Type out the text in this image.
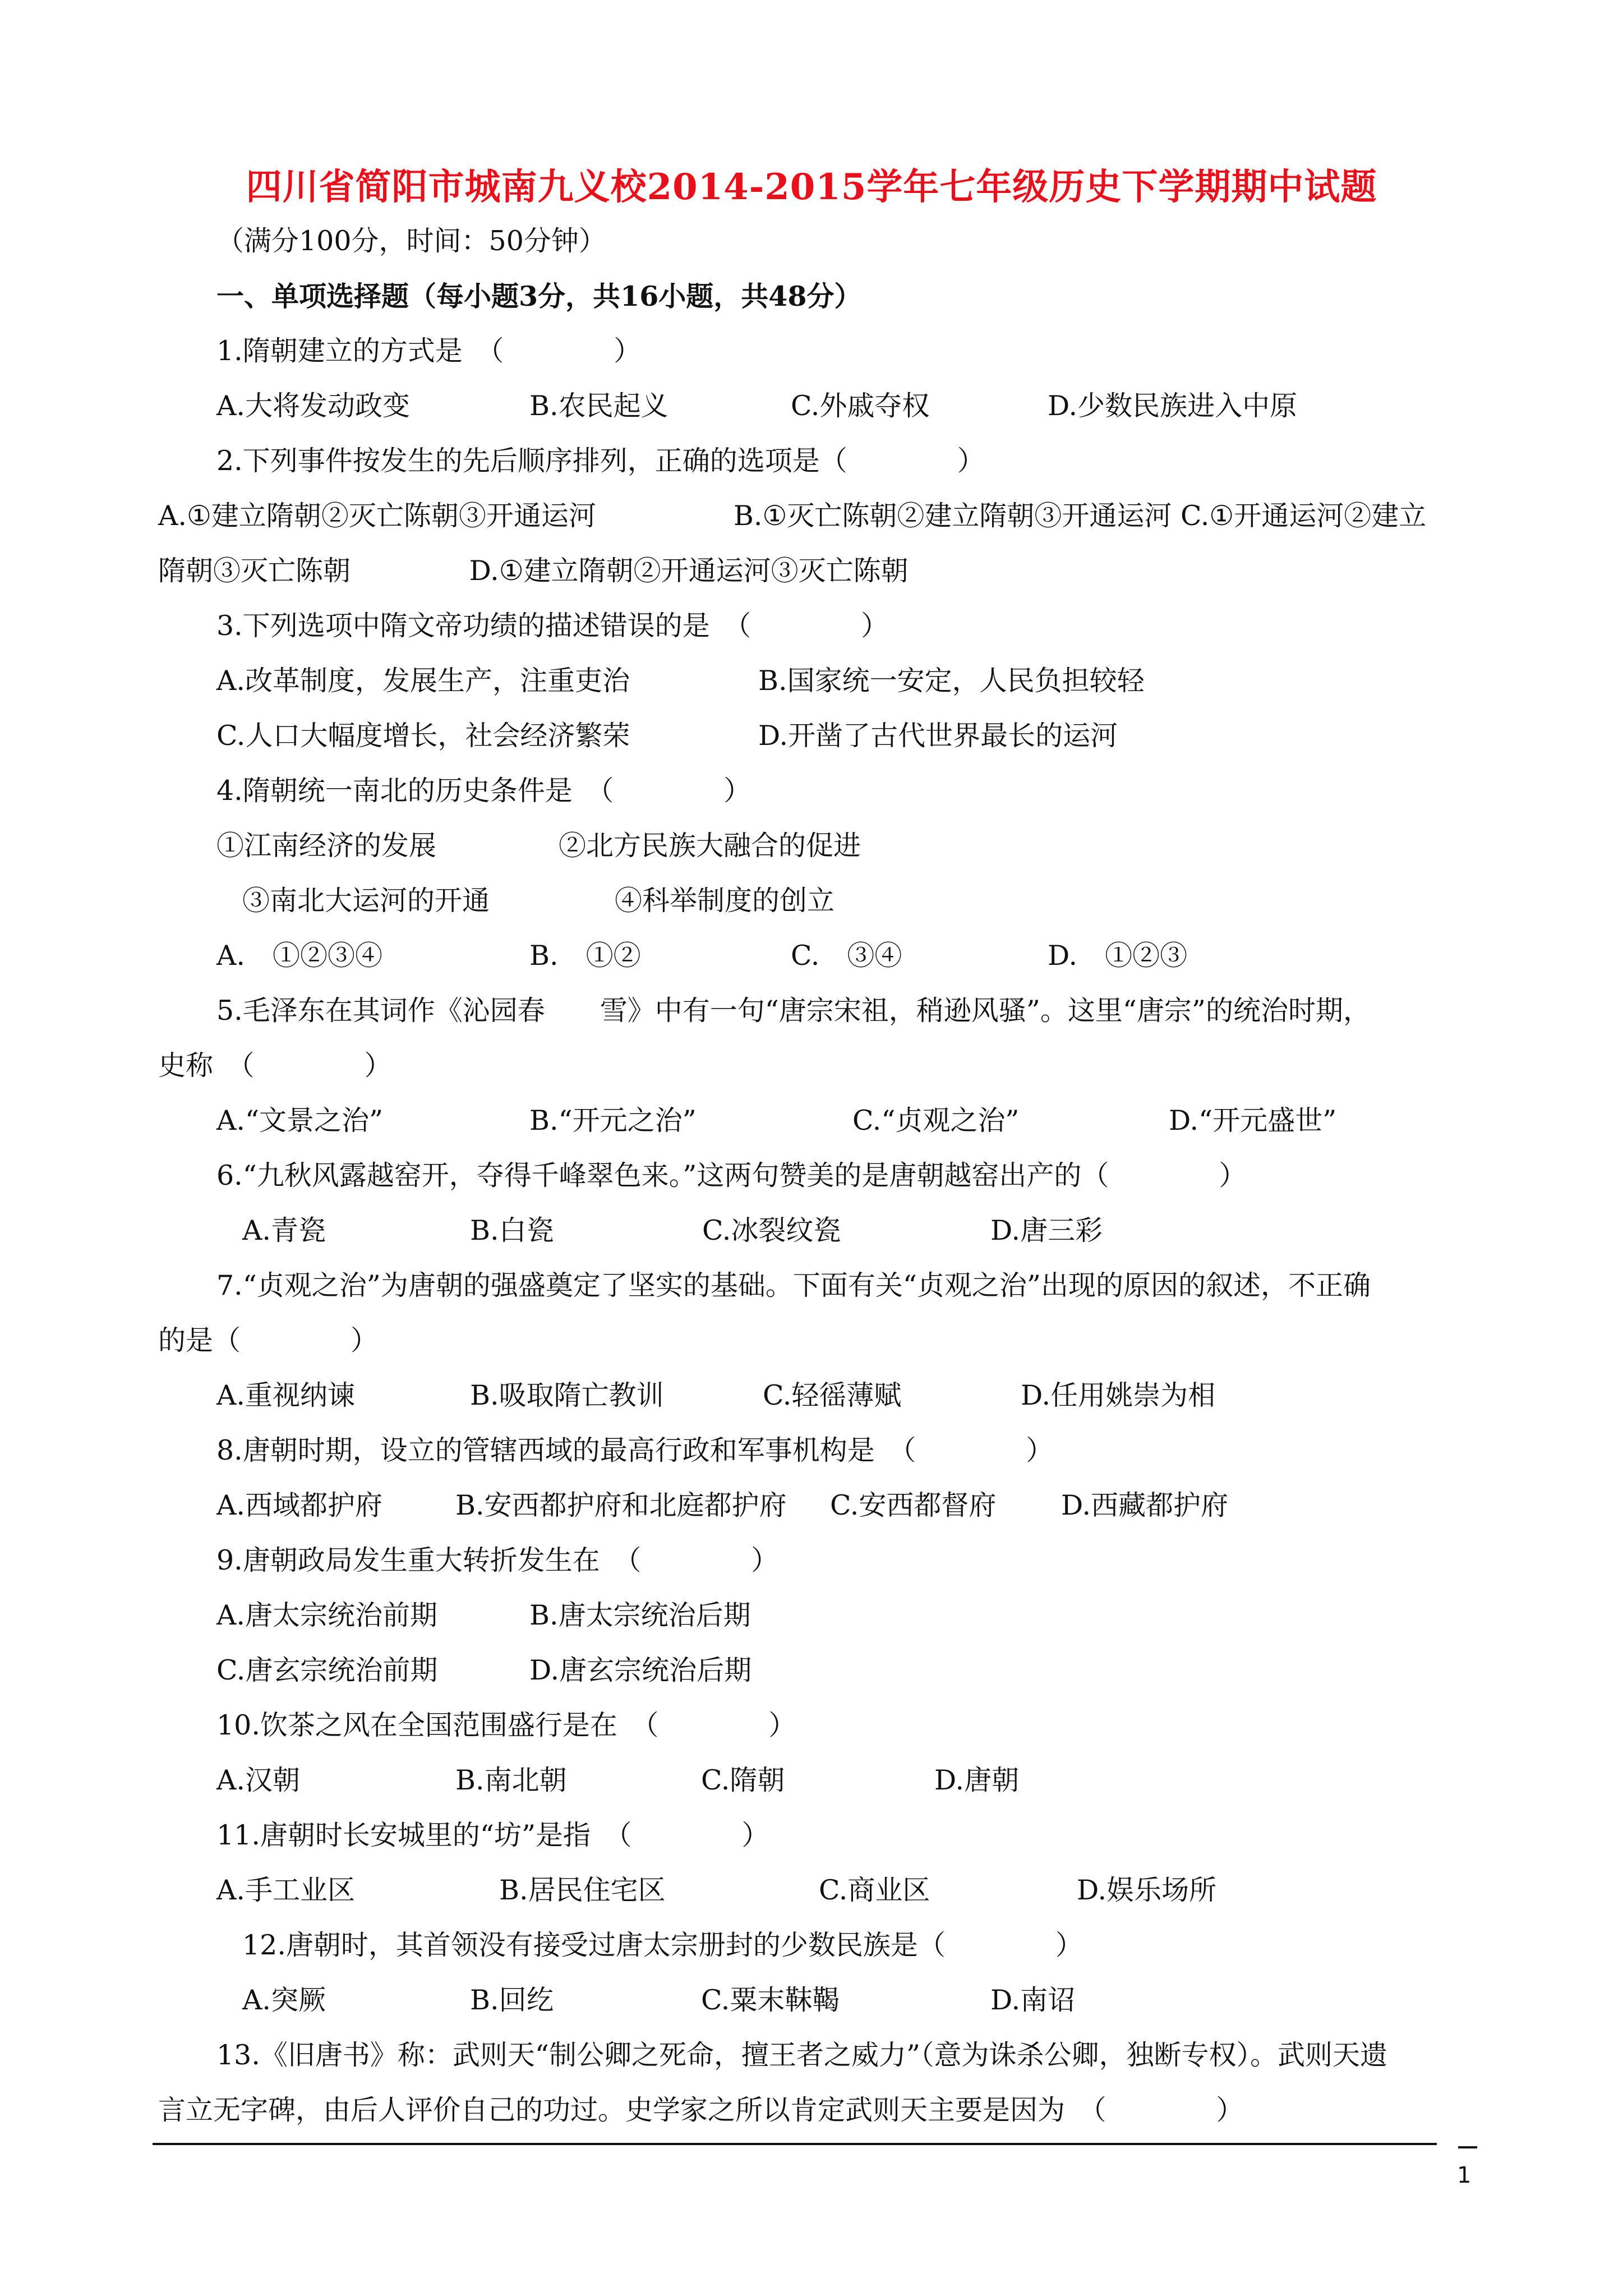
四川省简阳市城南九义校2014-2015学年七年级历史下学期期中试题
（满分100分，时间：50分钟）
一、单项选择题（每小题3分，共16小题，共48分）
1.隋朝建立的方式是　（　　　　）
A.大将发动政变	B.农民起义	C.外戚夺权	D.少数民族进入中原
2.下列事件按发生的先后顺序排列，正确的选项是（　　　　）
A.①建立隋朝②灭亡陈朝③开通运河　　　　　B.①灭亡陈朝②建立隋朝③开通运河 C.①开通运河②建立
隋朝③灭亡陈朝　　　　 D.①建立隋朝②开通运河③灭亡陈朝
3.下列选项中隋文帝功绩的描述错误的是　（　　　　）
A.改革制度，发展生产，注重吏治	B.国家统一安定，人民负担较轻
C.人口大幅度增长，社会经济繁荣	D.开凿了古代世界最长的运河
4.隋朝统一南北的历史条件是　（　　　　）
①江南经济的发展	②北方民族大融合的促进
③南北大运河的开通	④科举制度的创立
A.　①②③④	B.　①②	C.　③④	D.　①②③
5.毛泽东在其词作《沁园春　　雪》中有一句“唐宗宋祖，稍逊风骚”。这里“唐宗”的统治时期，
史称　（　　　　）
A.“文景之治”	B.“开元之治”	C.“贞观之治”	D.“开元盛世”
6.“九秋风露越窑开，夺得千峰翠色来。”这两句赞美的是唐朝越窑出产的（　　　　）
A.青瓷	B.白瓷	C.冰裂纹瓷	D.唐三彩
7.“贞观之治”为唐朝的强盛奠定了坚实的基础。下面有关“贞观之治”出现的原因的叙述，不正确
的是（　　　　）
A.重视纳谏	B.吸取隋亡教训	C.轻徭薄赋	D.任用姚崇为相
8.唐朝时期，设立的管辖西域的最高行政和军事机构是　（　　　　）
A.西域都护府	B.安西都护府和北庭都护府 C.安西都督府 D.西藏都护府
9.唐朝政局发生重大转折发生在　（　　　　）
A.唐太宗统治前期	B.唐太宗统治后期
C.唐玄宗统治前期	D.唐玄宗统治后期
10.饮茶之风在全国范围盛行是在　（　　　　）
A.汉朝	B.南北朝	C.隋朝	D.唐朝
11.唐朝时长安城里的“坊”是指　（　　　　）
A.手工业区	B.居民住宅区	C.商业区	D.娱乐场所
12.唐朝时，其首领没有接受过唐太宗册封的少数民族是（　　　　）
A.突厥	B.回纥	C.粟末靺鞨	D.南诏
13.《旧唐书》称：武则天“制公卿之死命，擅王者之威力”（意为诛杀公卿，独断专权）。武则天遗
言立无字碑，由后人评价自己的功过。史学家之所以肯定武则天主要是因为　（　　　　）
1
